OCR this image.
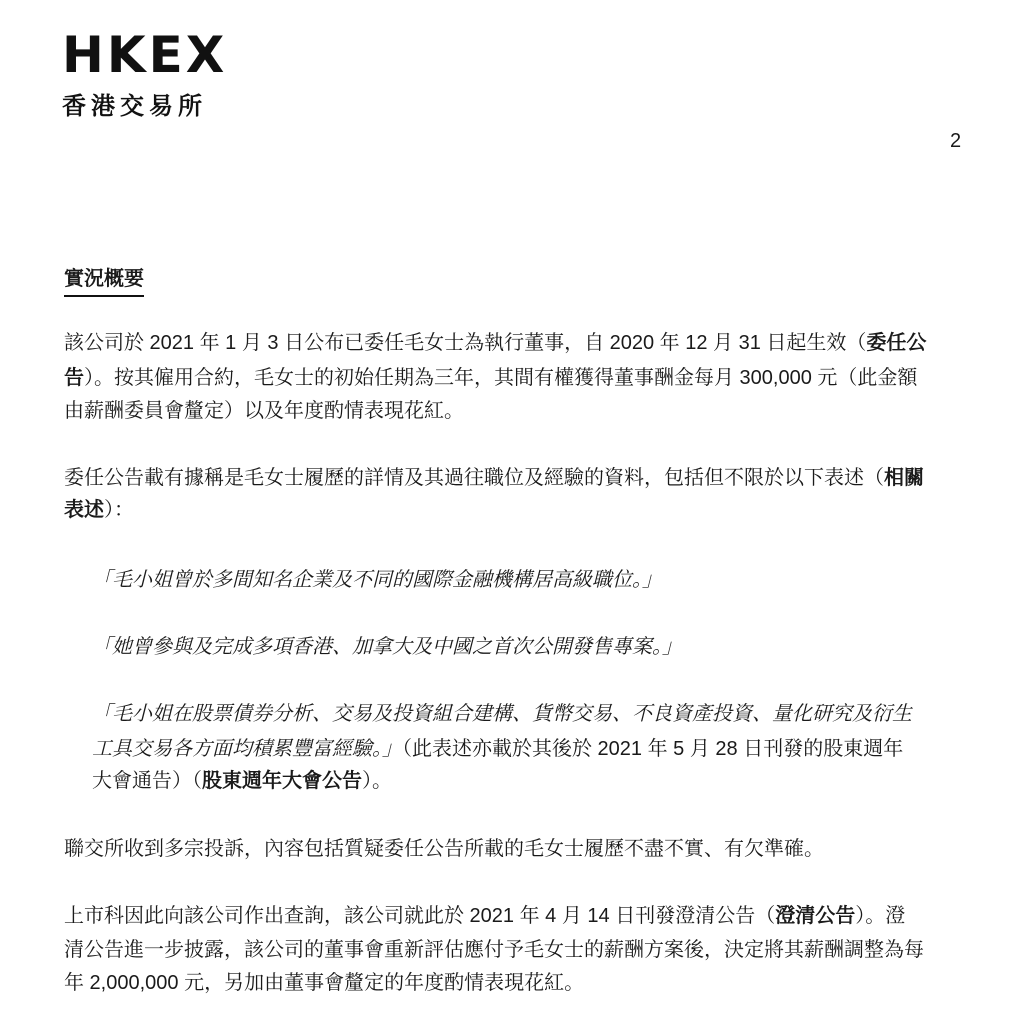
HKEX
香港交易所
2
實況概要
該公司於 2021 年 1 月 3 日公布已委任毛女士為執行董事，自 2020 年 12 月 31 日起生效（委任公
告）。按其僱用合約，毛女士的初始任期為三年，其間有權獲得董事酬金每月 300,000 元（此金額
由薪酬委員會釐定）以及年度酌情表現花紅。
委任公告載有據稱是毛女士履歷的詳情及其過往職位及經驗的資料，包括但不限於以下表述（相關
表述）：
「毛小姐曾於多間知名企業及不同的國際金融機構居高級職位。」
「她曾參與及完成多項香港、加拿大及中國之首次公開發售專案。」
「毛小姐在股票債券分析、交易及投資組合建構、貨幣交易、不良資產投資、量化研究及衍生
工具交易各方面均積累豐富經驗。」（此表述亦載於其後於 2021 年 5 月 28 日刊發的股東週年
大會通告）（股東週年大會公告）。
聯交所收到多宗投訴，內容包括質疑委任公告所載的毛女士履歷不盡不實、有欠準確。
上市科因此向該公司作出查詢，該公司就此於 2021 年 4 月 14 日刊發澄清公告（澄清公告）。澄
清公告進一步披露，該公司的董事會重新評估應付予毛女士的薪酬方案後，決定將其薪酬調整為每
年 2,000,000 元，另加由董事會釐定的年度酌情表現花紅。
